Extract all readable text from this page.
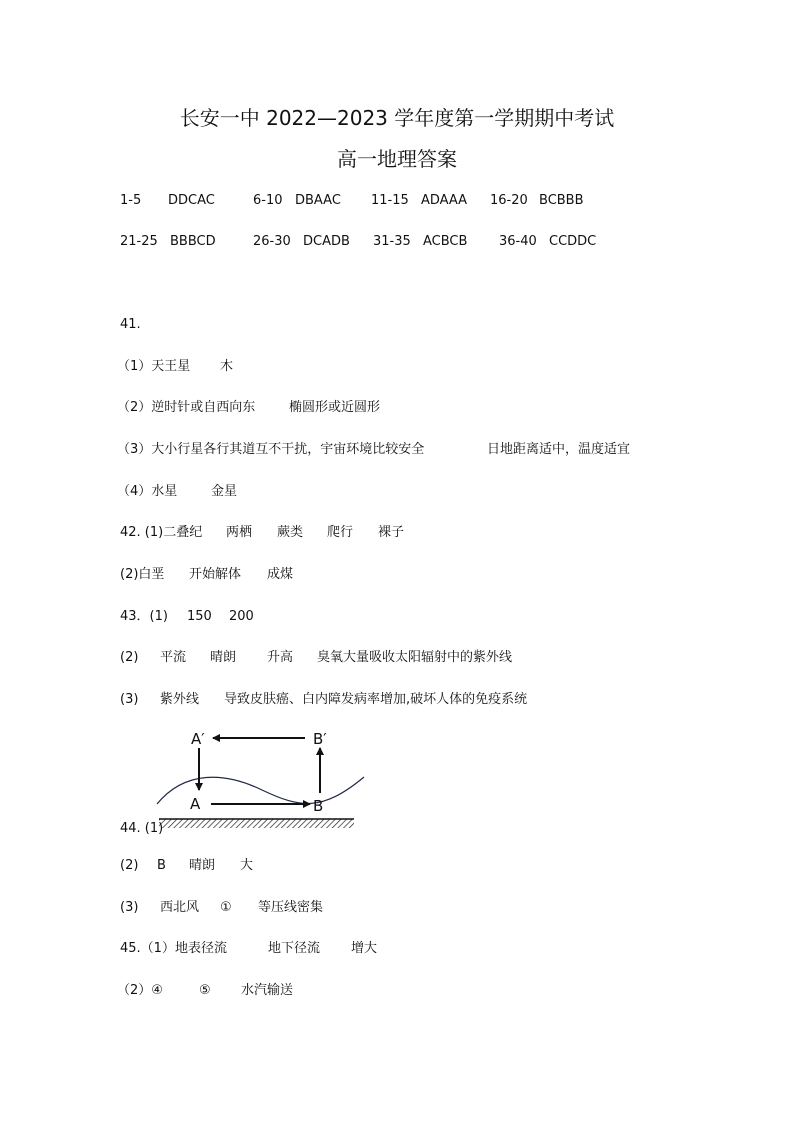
长安一中 2022—2023 学年度第一学期期中考试
高一地理答案
1-5 DDCAC	6-10 DBAAC 11-15 ADAAA 16-20 BCBBB
21-25 BBBCD	26-30 DCADB 31-35 ACBCB 36-40 CCDDC
41.
（1）天王星 木
（2）逆时针或自西向东	椭圆形或近圆形
（3）大小行星各行其道互不干扰，宇宙环境比较安全	日地距离适中，温度适宜
（4）水星	金星
42. (1)二叠纪 两栖 蕨类 爬行 裸子
(2)白垩 开始解体 成煤
43．(1) 150 200
(2) 平流 晴朗 升高 臭氧大量吸收太阳辐射中的紫外线
(3) 紫外线 导致皮肤癌、白内障发病率增加,破坏人体的免疫系统
A′	B′
A	B
44. (1)
(2) B 晴朗 大
(3) 西北风 ① 等压线密集
45.（1）地表径流	地下径流 增大
（2）④	⑤ 水汽输送
